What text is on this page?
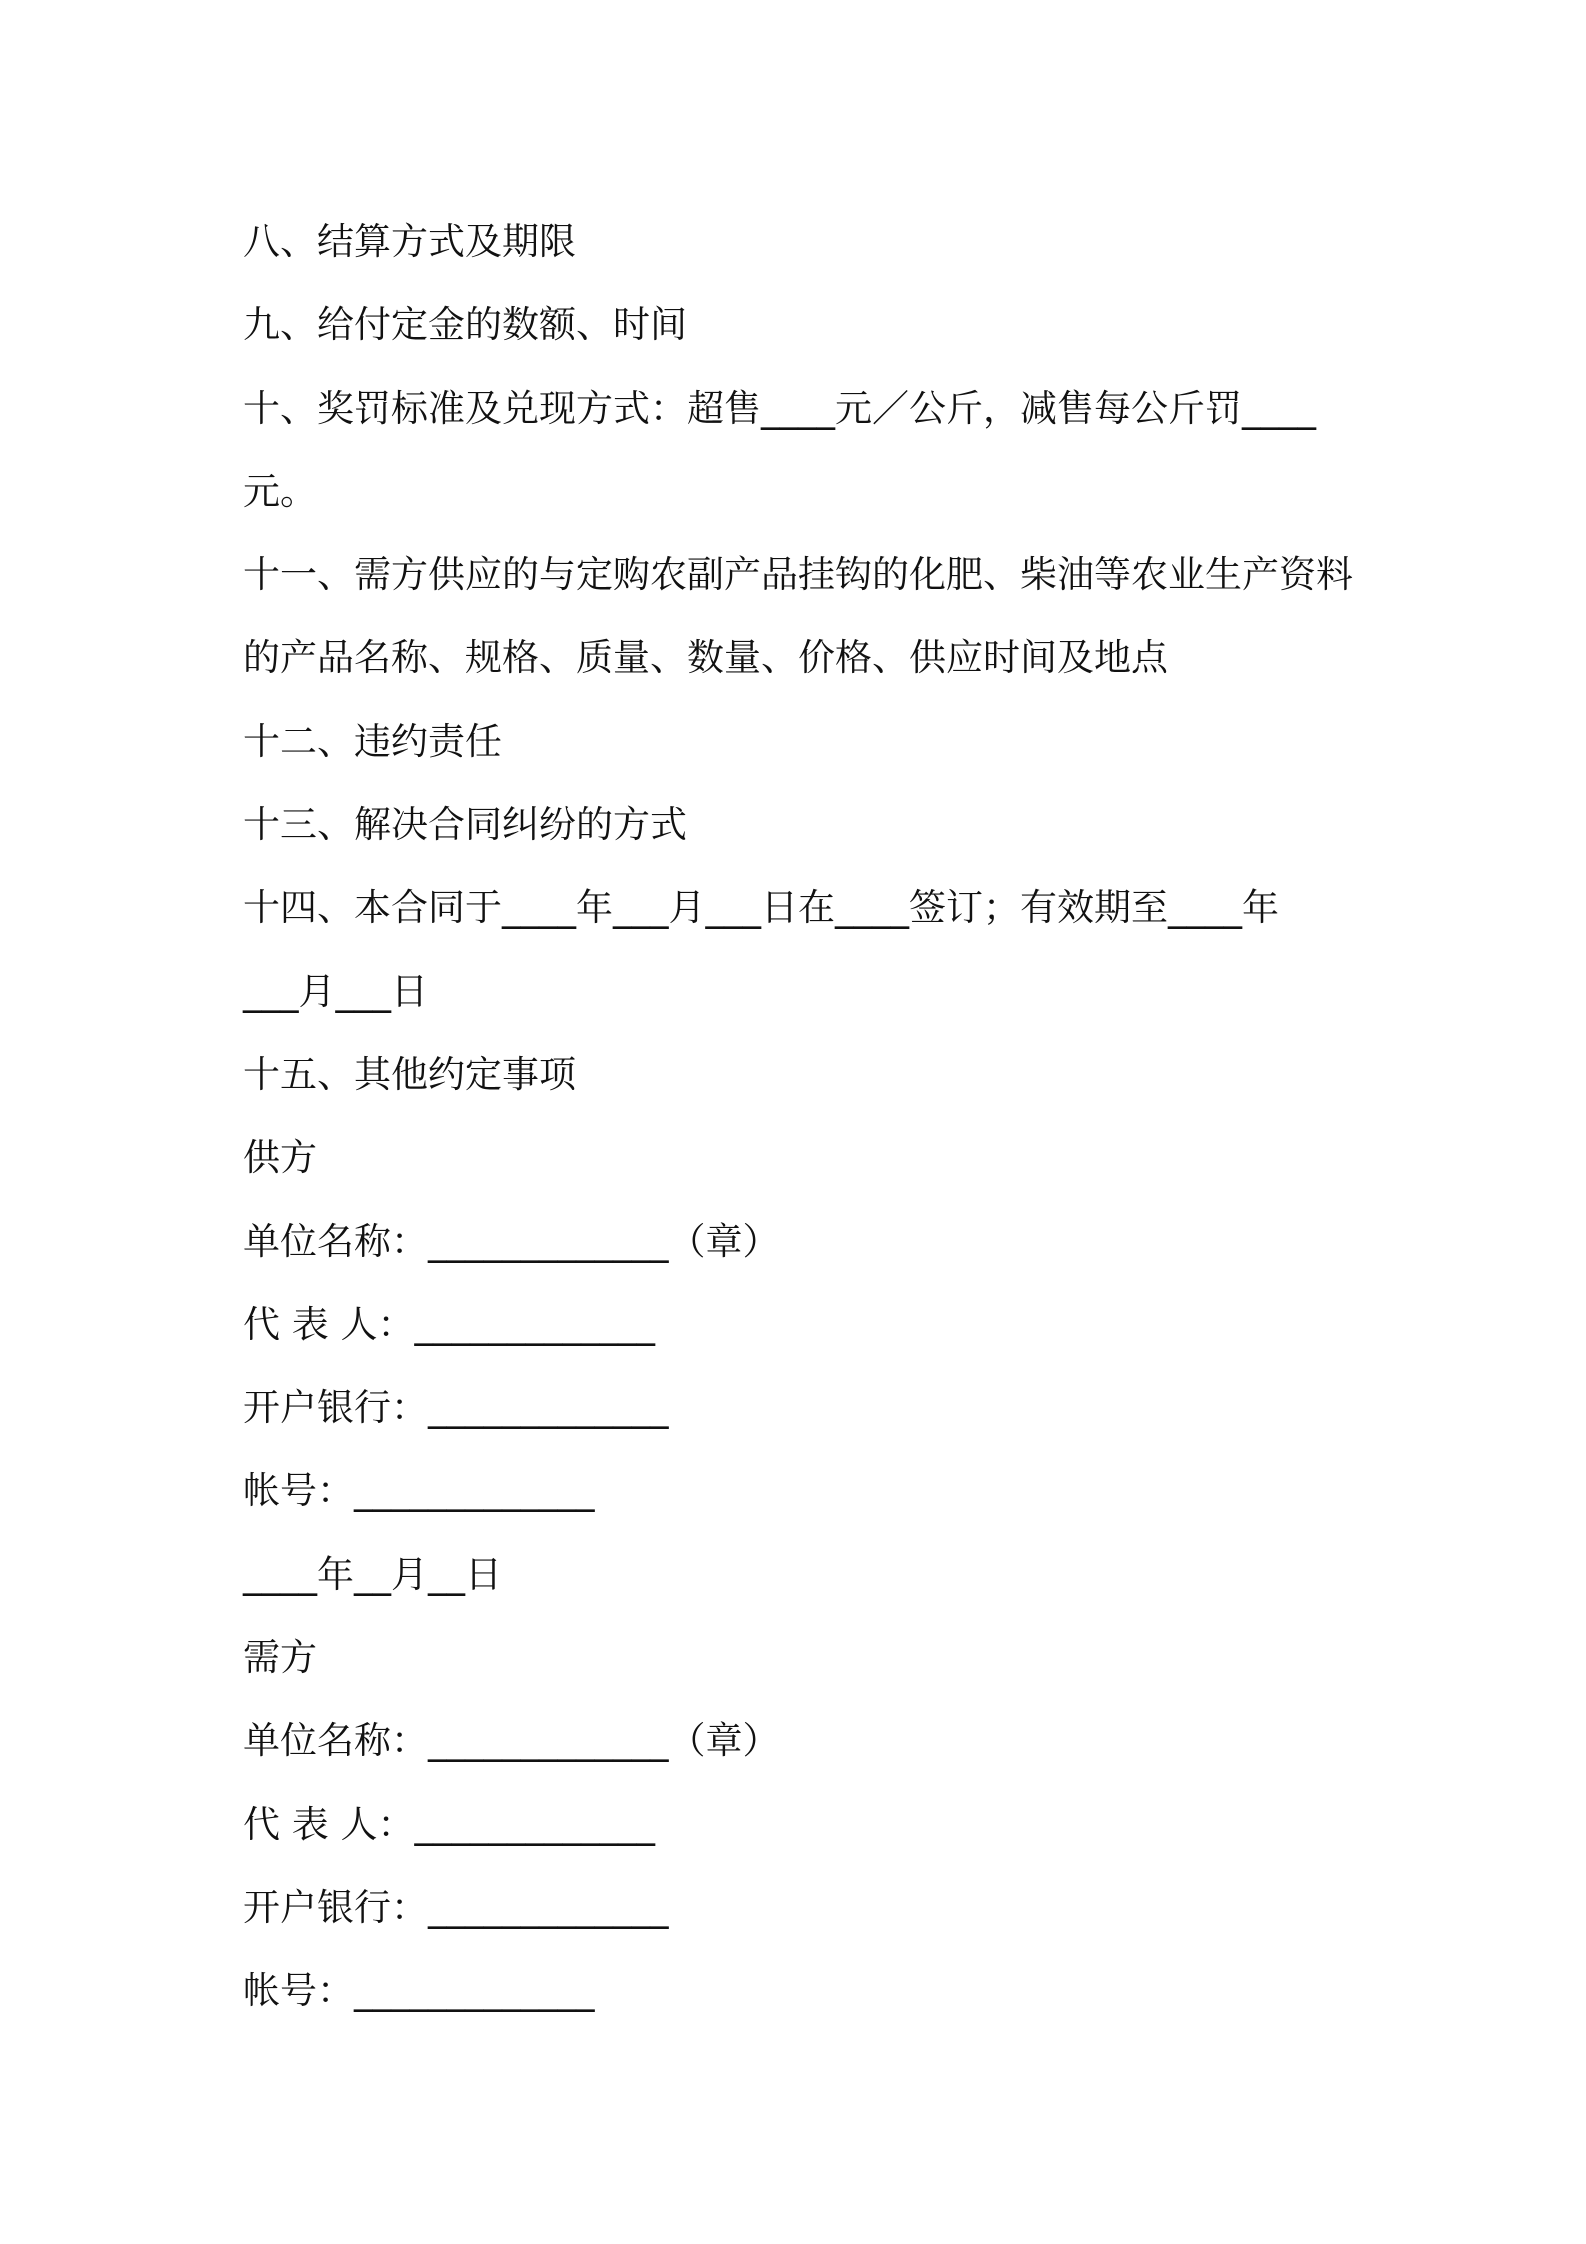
八、结算方式及期限
九、给付定金的数额、时间
十、奖罚标准及兑现方式：超售____元／公斤，减售每公斤罚____
元。
十一、需方供应的与定购农副产品挂钩的化肥、柴油等农业生产资料
的产品名称、规格、质量、数量、价格、供应时间及地点
十二、违约责任
十三、解决合同纠纷的方式
十四、本合同于____年___月___日在____签订；有效期至____年
___月___日
十五、其他约定事项
供方
单位名称：_____________（章）
代 表 人：_____________
开户银行：_____________
帐号：_____________
____年__月__日
需方
单位名称：_____________（章）
代 表 人：_____________
开户银行：_____________
帐号：_____________
